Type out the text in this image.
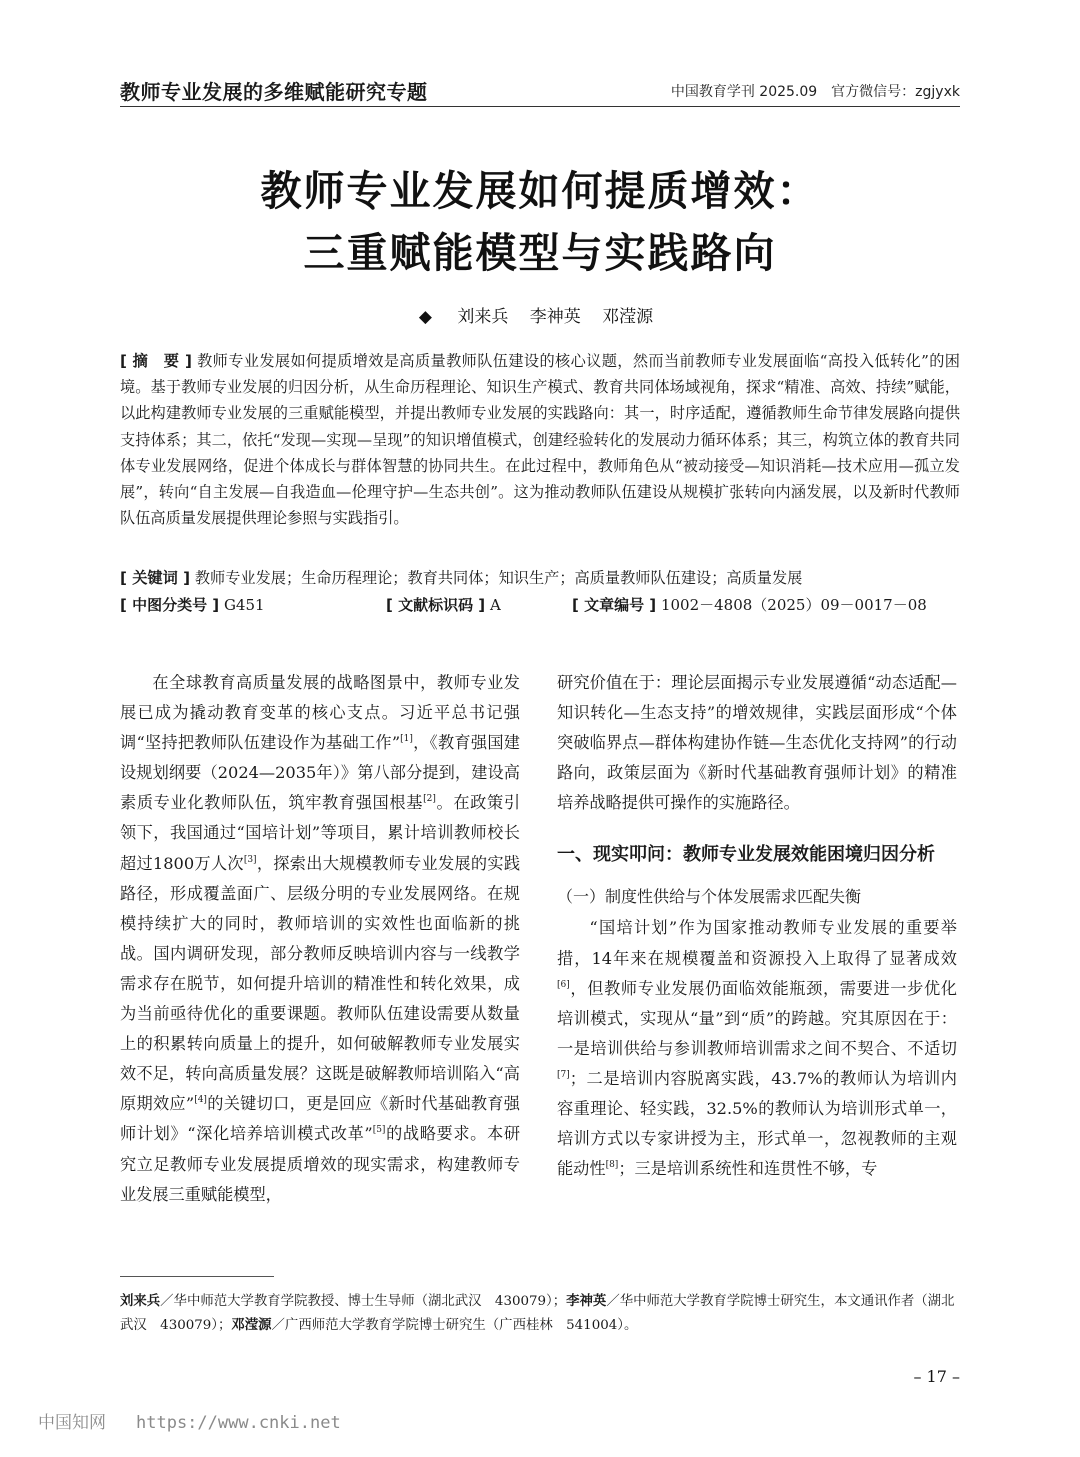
教师专业发展的多维赋能研究专题	中国教育学刊 2025.09　官方微信号：zgjyxk
教师专业发展如何提质增效：
三重赋能模型与实践路向
◆ 刘来兵 李神英 邓滢源
[ 摘　要 ] 教师专业发展如何提质增效是高质量教师队伍建设的核心议题，然而当前教师专业发展面临“高投入低转化”的困境。基于教师专业发展的归因分析，从生命历程理论、知识生产模式、教育共同体场域视角，探求“精准、高效、持续”赋能，以此构建教师专业发展的三重赋能模型，并提出教师专业发展的实践路向：其一，时序适配，遵循教师生命节律发展路向提供支持体系；其二，依托“发现—实现—呈现”的知识增值模式，创建经验转化的发展动力循环体系；其三，构筑立体的教育共同体专业发展网络，促进个体成长与群体智慧的协同共生。在此过程中，教师角色从“被动接受—知识消耗—技术应用—孤立发展”，转向“自主发展—自我造血—伦理守护—生态共创”。这为推动教师队伍建设从规模扩张转向内涵发展，以及新时代教师队伍高质量发展提供理论参照与实践指引。
[ 关键词 ] 教师专业发展；生命历程理论；教育共同体；知识生产；高质量教师队伍建设；高质量发展
[ 中图分类号 ] G451	[ 文献标识码 ] A	[ 文章编号 ] 1002－4808（2025）09－0017－08

在全球教育高质量发展的战略图景中，教师专业发展已成为撬动教育变革的核心支点。习近平总书记强调“坚持把教师队伍建设作为基础工作”[1]，《教育强国建设规划纲要（2024—2035年）》第八部分提到，建设高素质专业化教师队伍，筑牢教育强国根基[2]。在政策引领下，我国通过“国培计划”等项目，累计培训教师校长超过1800万人次[3]，探索出大规模教师专业发展的实践路径，形成覆盖面广、层级分明的专业发展网络。在规模持续扩大的同时，教师培训的实效性也面临新的挑战。国内调研发现，部分教师反映培训内容与一线教学需求存在脱节，如何提升培训的精准性和转化效果，成为当前亟待优化的重要课题。教师队伍建设需要从数量上的积累转向质量上的提升，如何破解教师专业发展实效不足，转向高质量发展？这既是破解教师培训陷入“高原期效应”[4]的关键切口，更是回应《新时代基础教育强师计划》“深化培养培训模式改革”[5]的战略要求。本研究立足教师专业发展提质增效的现实需求，构建教师专业发展三重赋能模型，

研究价值在于：理论层面揭示专业发展遵循“动态适配—知识转化—生态支持”的增效规律，实践层面形成“个体突破临界点—群体构建协作链—生态优化支持网”的行动路向，政策层面为《新时代基础教育强师计划》的精准培养战略提供可操作的实施路径。

一、现实叩问：教师专业发展效能困境归因分析
（一）制度性供给与个体发展需求匹配失衡

“国培计划”作为国家推动教师专业发展的重要举措，14年来在规模覆盖和资源投入上取得了显著成效[6]，但教师专业发展仍面临效能瓶颈，需要进一步优化培训模式，实现从“量”到“质”的跨越。究其原因在于：一是培训供给与参训教师培训需求之间不契合、不适切[7]；二是培训内容脱离实践，43.7%的教师认为培训内容重理论、轻实践，32.5%的教师认为培训形式单一，培训方式以专家讲授为主，形式单一，忽视教师的主观能动性[8]；三是培训系统性和连贯性不够，专

刘来兵／华中师范大学教育学院教授、博士生导师（湖北武汉　430079）；李神英／华中师范大学教育学院博士研究生，本文通讯作者（湖北武汉　430079）；邓滢源／广西师范大学教育学院博士研究生（广西桂林　541004）。
– 17 –
中国知网 https://www.cnki.net
